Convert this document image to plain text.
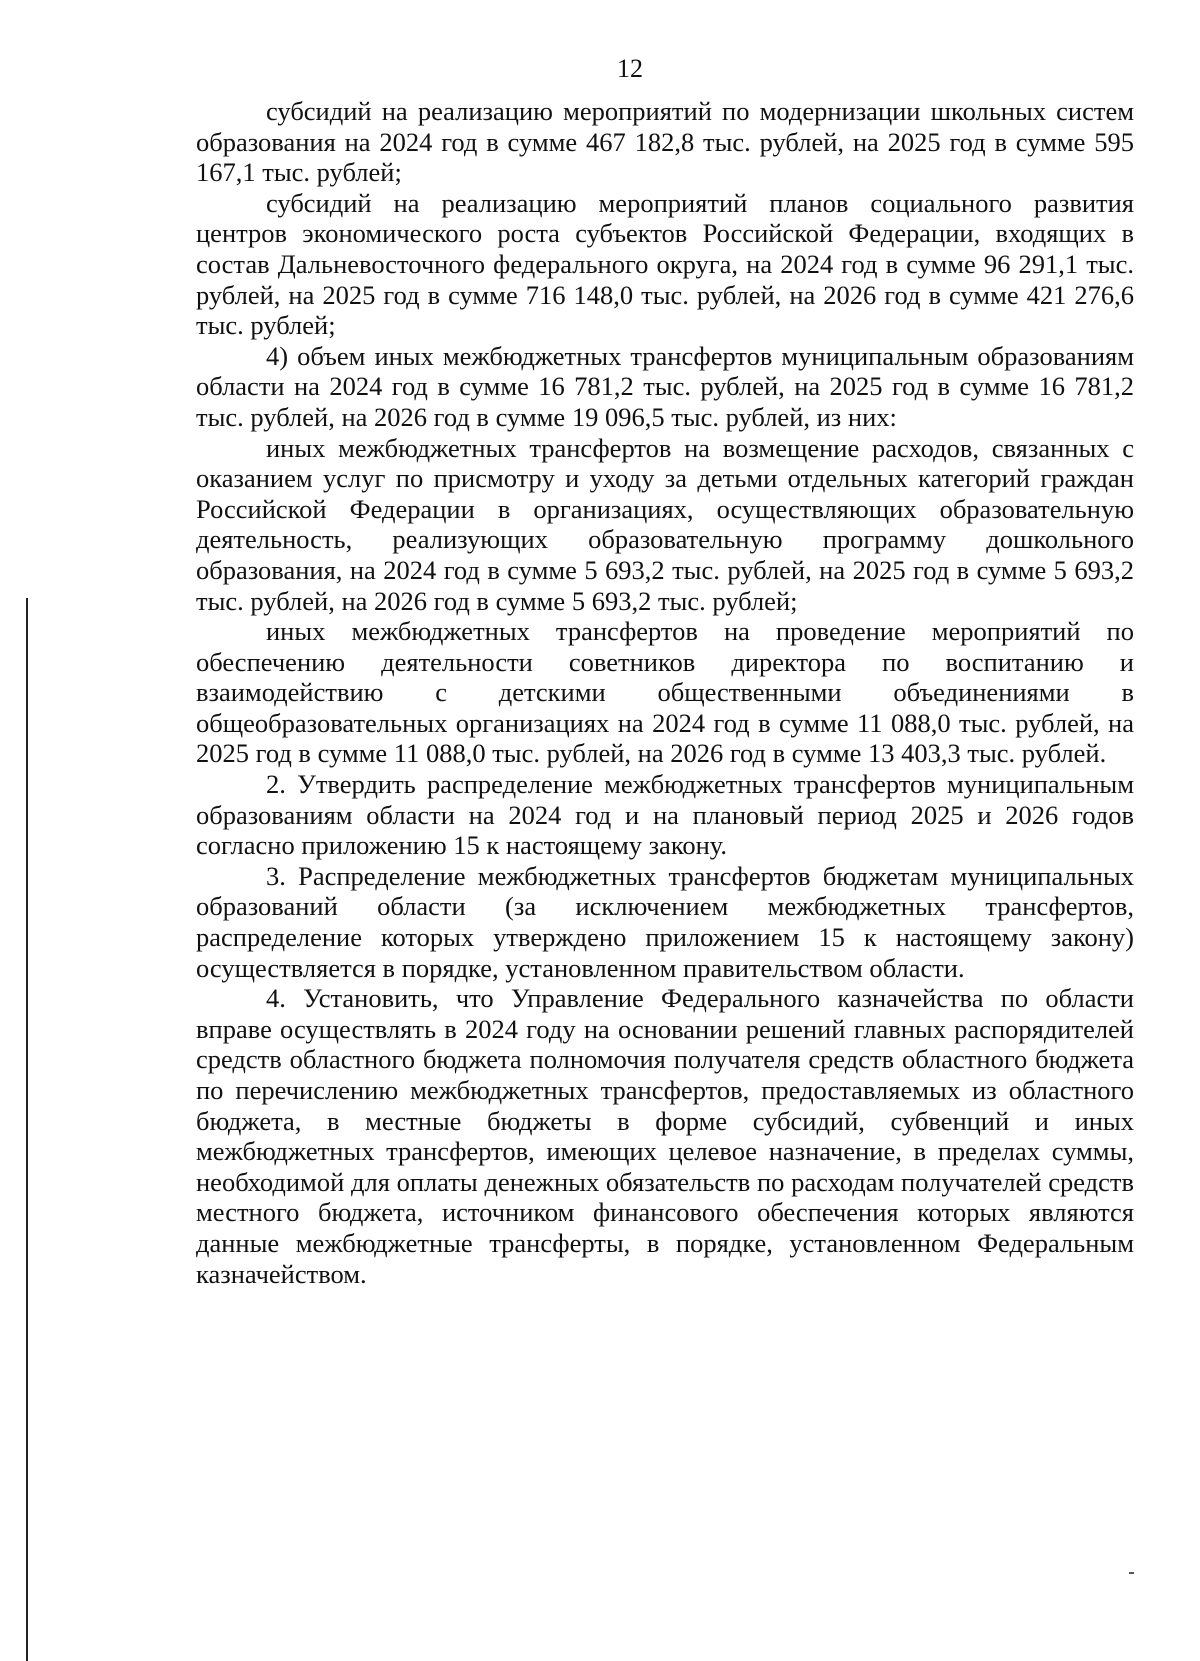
12

субсидий на реализацию мероприятий по модернизации школьных систем образования на 2024 год в сумме 467 182,8 тыс. рублей, на 2025 год в сумме 595 167,1 тыс. рублей;

субсидий на реализацию мероприятий планов социального развития центров экономического роста субъектов Российской Федерации, входящих в состав Дальневосточного федерального округа, на 2024 год в сумме 96 291,1 тыс. рублей, на 2025 год в сумме 716 148,0 тыс. рублей, на 2026 год в сумме 421 276,6 тыс. рублей;

4) объем иных межбюджетных трансфертов муниципальным образованиям области на 2024 год в сумме 16 781,2 тыс. рублей, на 2025 год в сумме 16 781,2 тыс. рублей, на 2026 год в сумме 19 096,5 тыс. рублей, из них:

иных межбюджетных трансфертов на возмещение расходов, связанных с оказанием услуг по присмотру и уходу за детьми отдельных категорий граждан Российской Федерации в организациях, осуществляющих образовательную деятельность, реализующих образовательную программу дошкольного образования, на 2024 год в сумме 5 693,2 тыс. рублей, на 2025 год в сумме 5 693,2 тыс. рублей, на 2026 год в сумме 5 693,2 тыс. рублей;

иных межбюджетных трансфертов на проведение мероприятий по обеспечению деятельности советников директора по воспитанию и взаимодействию с детскими общественными объединениями в общеобразовательных организациях на 2024 год в сумме 11 088,0 тыс. рублей, на 2025 год в сумме 11 088,0 тыс. рублей, на 2026 год в сумме 13 403,3 тыс. рублей.

2. Утвердить распределение межбюджетных трансфертов муниципальным образованиям области на 2024 год и на плановый период 2025 и 2026 годов согласно приложению 15 к настоящему закону.

3. Распределение межбюджетных трансфертов бюджетам муниципальных образований области (за исключением межбюджетных трансфертов, распределение которых утверждено приложением 15 к настоящему закону) осуществляется в порядке, установленном правительством области.

4. Установить, что Управление Федерального казначейства по области вправе осуществлять в 2024 году на основании решений главных распорядителей средств областного бюджета полномочия получателя средств областного бюджета по перечислению межбюджетных трансфертов, предоставляемых из областного бюджета, в местные бюджеты в форме субсидий, субвенций и иных межбюджетных трансфертов, имеющих целевое назначение, в пределах суммы, необходимой для оплаты денежных обязательств по расходам получателей средств местного бюджета, источником финансового обеспечения которых являются данные межбюджетные трансферты, в порядке, установленном Федеральным казначейством.
